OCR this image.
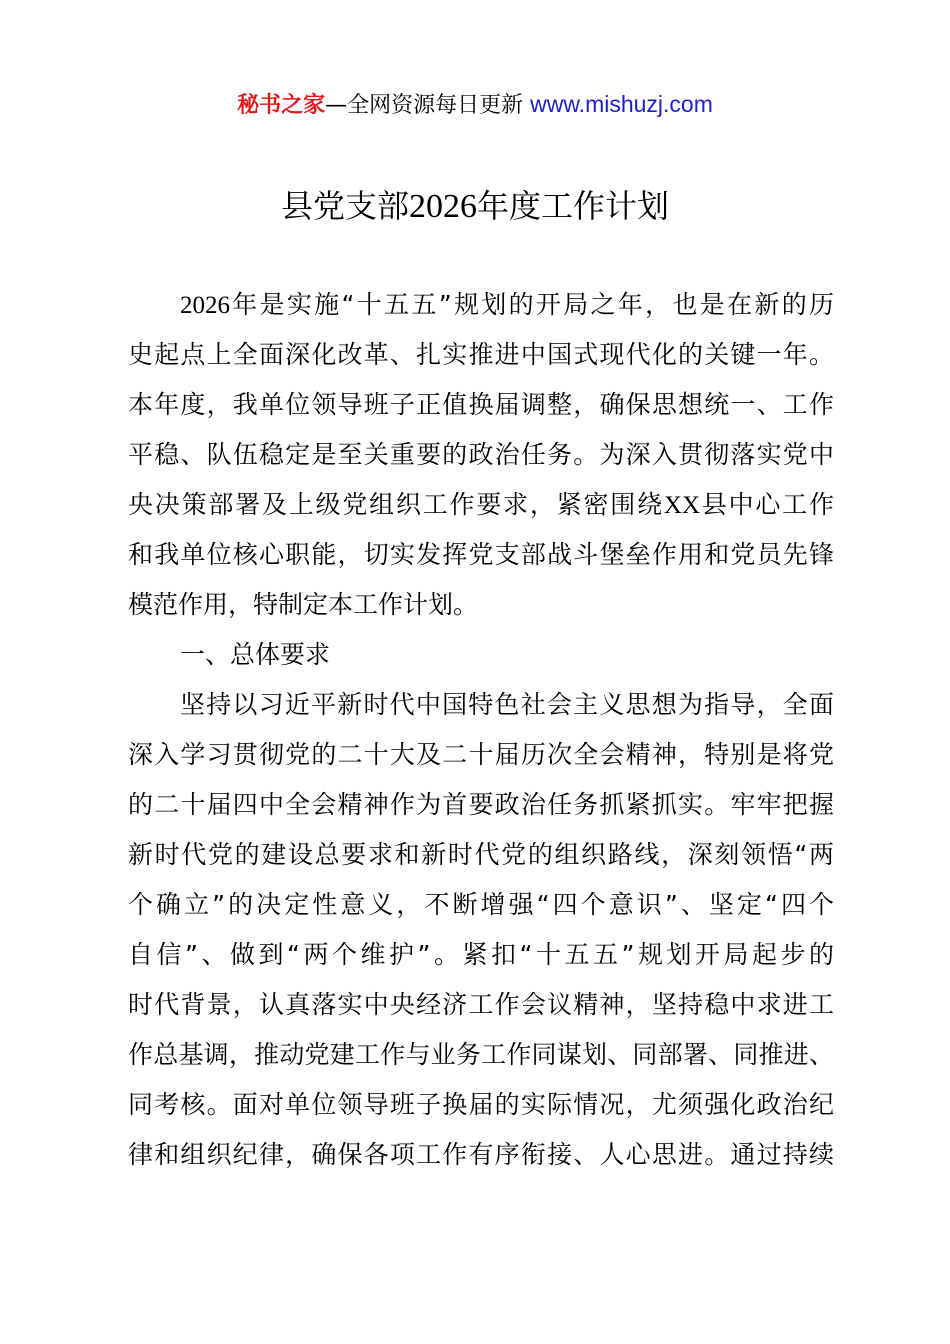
秘书之家—全网资源每日更新 www.mishuzj.com
县党支部2026年度工作计划
2026年是实施“十五五”规划的开局之年，也是在新的历
史起点上全面深化改革、扎实推进中国式现代化的关键一年。
本年度，我单位领导班子正值换届调整，确保思想统一、工作
平稳、队伍稳定是至关重要的政治任务。为深入贯彻落实党中
央决策部署及上级党组织工作要求，紧密围绕XX县中心工作
和我单位核心职能，切实发挥党支部战斗堡垒作用和党员先锋
模范作用，特制定本工作计划。
一、总体要求
坚持以习近平新时代中国特色社会主义思想为指导，全面
深入学习贯彻党的二十大及二十届历次全会精神，特别是将党
的二十届四中全会精神作为首要政治任务抓紧抓实。牢牢把握
新时代党的建设总要求和新时代党的组织路线，深刻领悟“两
个确立”的决定性意义，不断增强“四个意识”、坚定“四个
自信”、做到“两个维护”。紧扣“十五五”规划开局起步的
时代背景，认真落实中央经济工作会议精神，坚持稳中求进工
作总基调，推动党建工作与业务工作同谋划、同部署、同推进、
同考核。面对单位领导班子换届的实际情况，尤须强化政治纪
律和组织纪律，确保各项工作有序衔接、人心思进。通过持续
